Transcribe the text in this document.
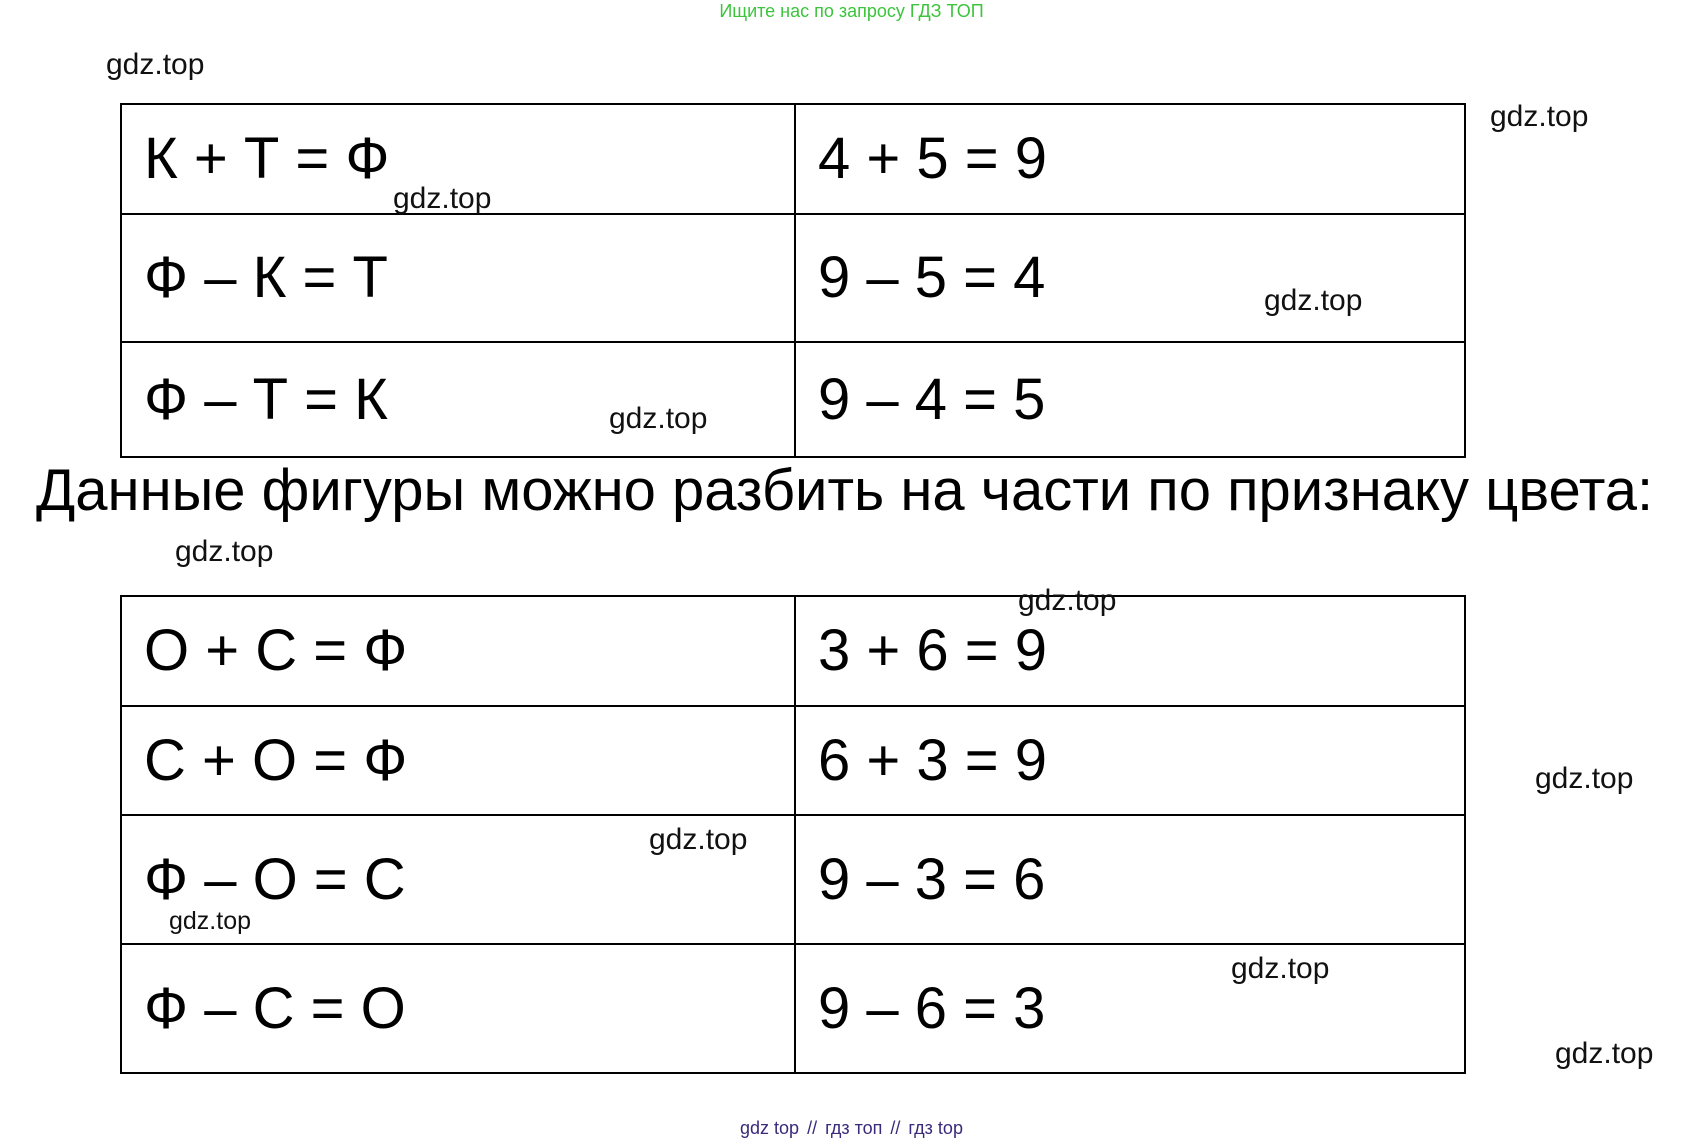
Ищите нас по запросу ГДЗ ТОП
gdz.top
gdz.top
К + Т = Ф	4 + 5 = 9
Ф – К = Т	9 – 5 = 4
Ф – Т = К	9 – 4 = 5
gdz.top
gdz.top
gdz.top
Данные фигуры можно разбить на части по признаку цвета:
gdz.top
О + С = Ф	3 + 6 = 9
С + О = Ф	6 + 3 = 9
Ф – О = С	9 – 3 = 6
Ф – С = О	9 – 6 = 3
gdz.top
gdz.top
gdz.top
gdz.top
gdz.top
gdz.top
gdz top // гдз топ // гдз top
